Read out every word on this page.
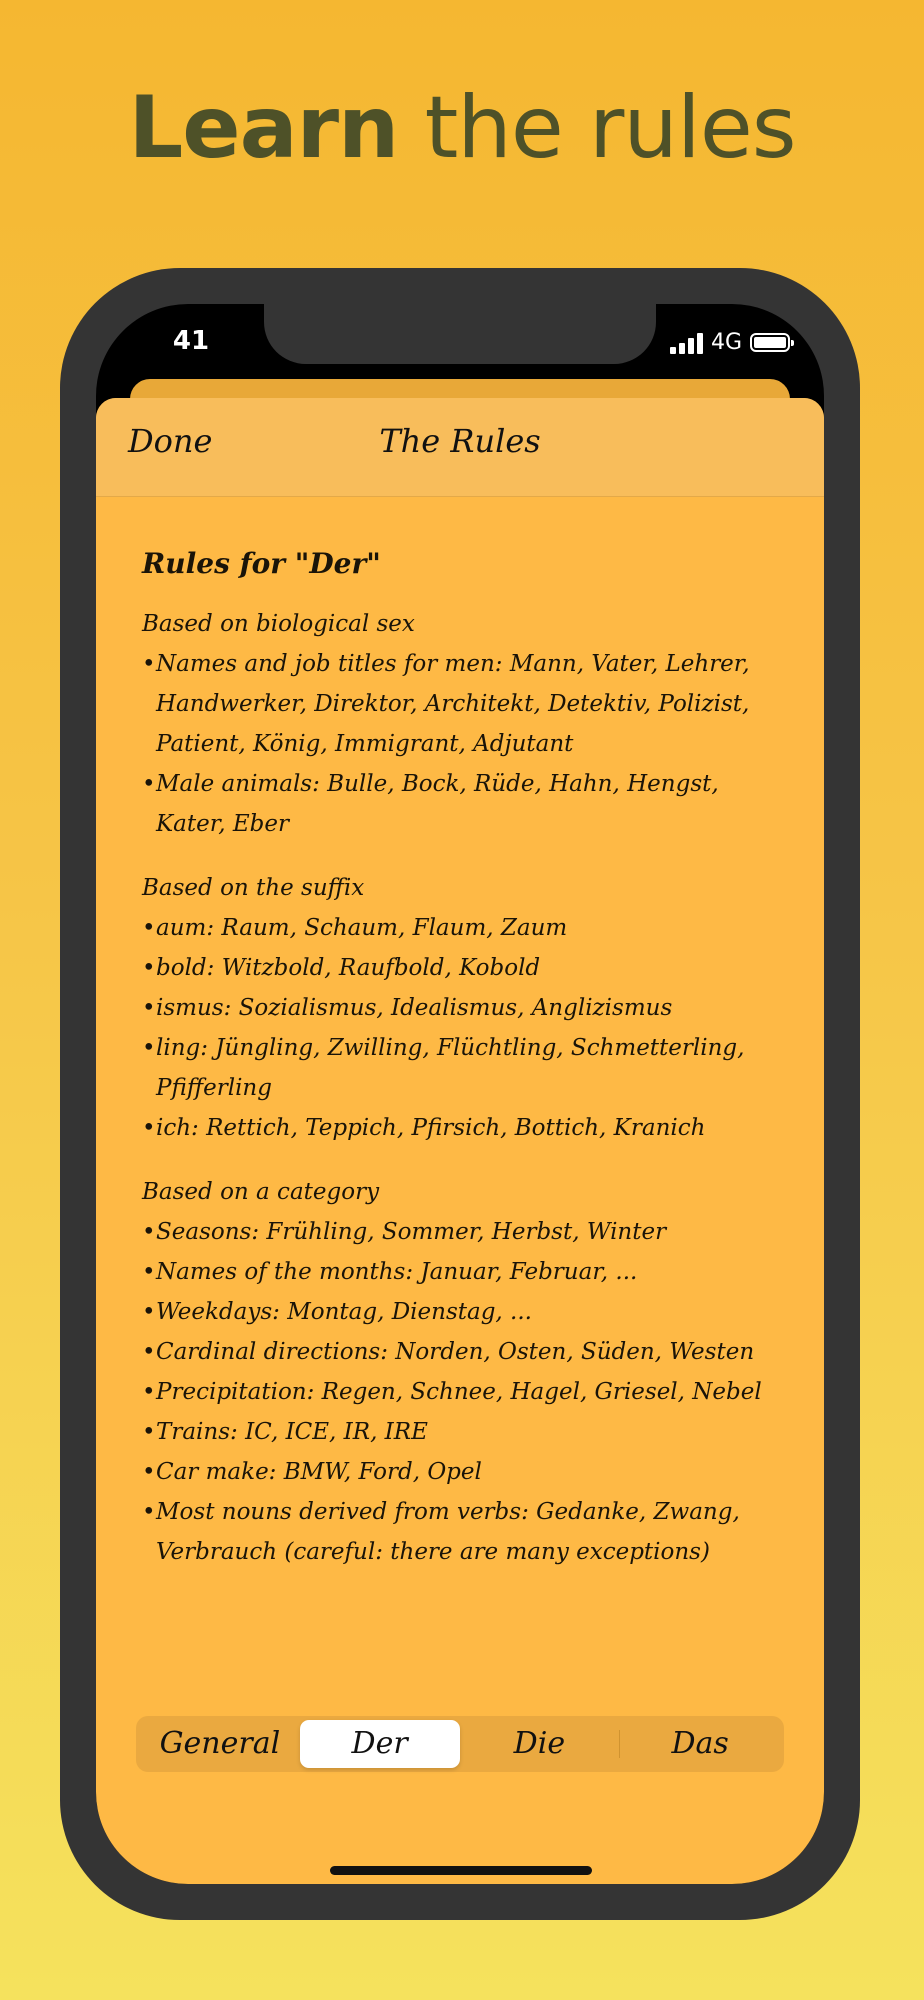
Learn the rules
41	4G
Done	The Rules
Rules for "Der"
Based on biological sex
• Names and job titles for men: Mann, Vater, Lehrer, Handwerker, Direktor, Architekt, Detektiv, Polizist, Patient, König, Immigrant, Adjutant
• Male animals: Bulle, Bock, Rüde, Hahn, Hengst, Kater, Eber
Based on the suffix
• aum: Raum, Schaum, Flaum, Zaum
• bold: Witzbold, Raufbold, Kobold
• ismus: Sozialismus, Idealismus, Anglizismus
• ling: Jüngling, Zwilling, Flüchtling, Schmetterling, Pfifferling
• ich: Rettich, Teppich, Pfirsich, Bottich, Kranich
Based on a category
• Seasons: Frühling, Sommer, Herbst, Winter
• Names of the months: Januar, Februar, ...
• Weekdays: Montag, Dienstag, ...
• Cardinal directions: Norden, Osten, Süden, Westen
• Precipitation: Regen, Schnee, Hagel, Griesel, Nebel
• Trains: IC, ICE, IR, IRE
• Car make: BMW, Ford, Opel
• Most nouns derived from verbs: Gedanke, Zwang, Verbrauch (careful: there are many exceptions)
General	Der	Die	Das
